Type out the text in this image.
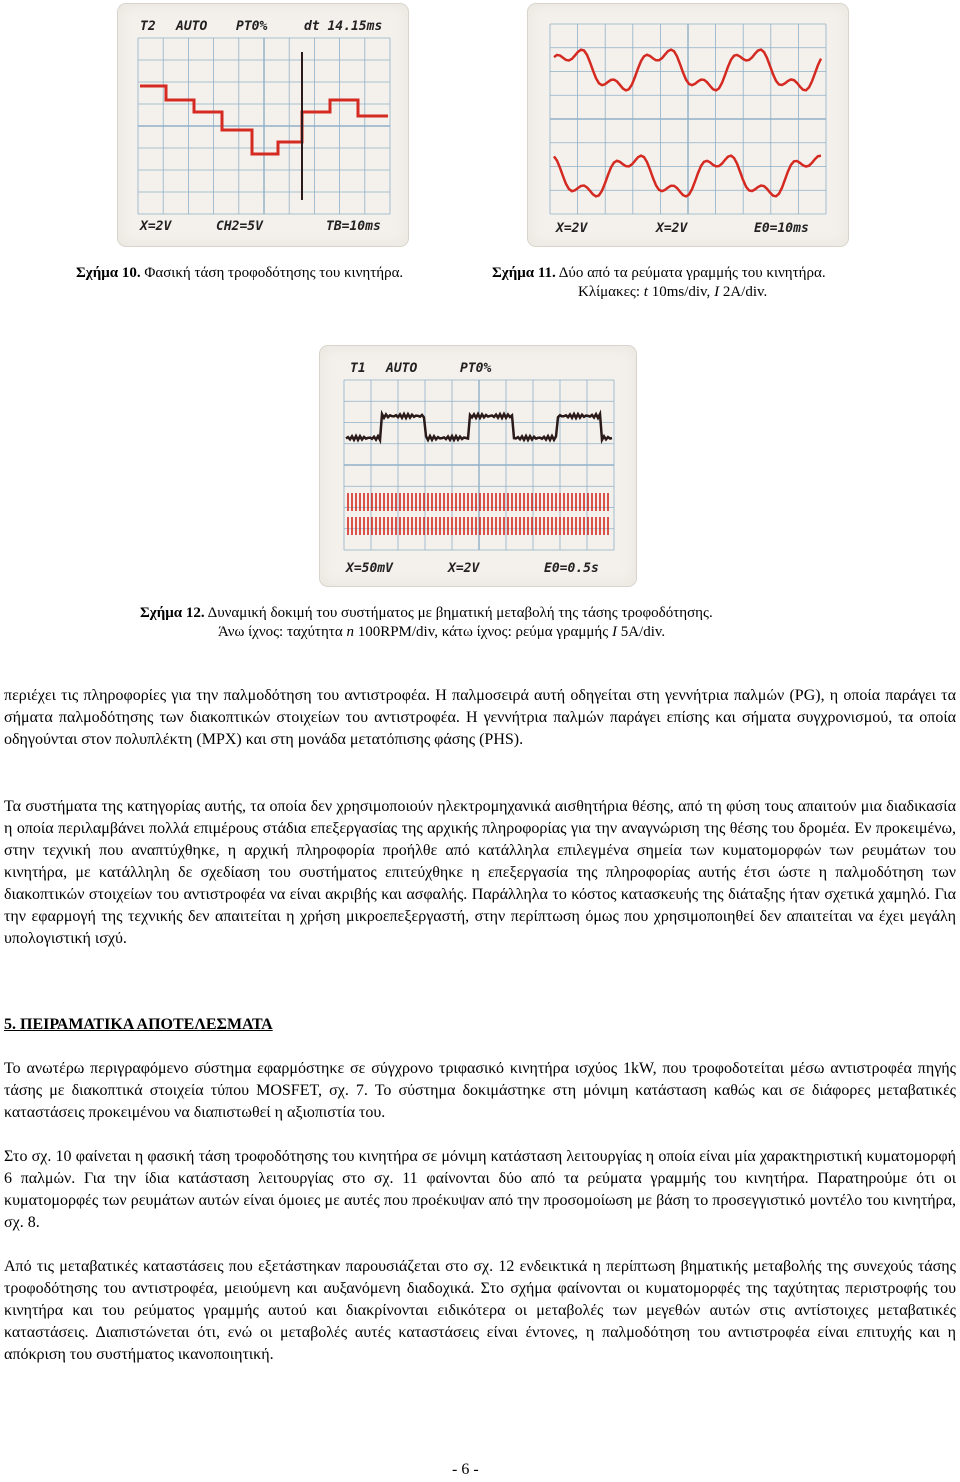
T2 AUTO PT0%	dt 14.15ms
X=2V	CH2=5V	TB=10ms	X=2V	X=2V	E0=10ms
Σχήμα 10. Φασική τάση τροφοδότησης του κινητήρα.	Σχήμα 11. Δύο από τα ρεύματα γραμμής του κινητήρα.
Κλίμακες: t 10ms/div, I 2A/div.
T1 AUTO	PT0%
X=50mV	X=2V	E0=0.5s
Σχήμα 12. Δυναμική δοκιμή του συστήματος με βηματική μεταβολή της τάσης τροφοδότησης.
Άνω ίχνος: ταχύτητα n 100RPM/div, κάτω ίχνος: ρεύμα γραμμής I 5A/div.
περιέχει τις πληροφορίες για την παλμοδότηση του αντιστροφέα. Η παλμοσειρά αυτή οδηγείται στη γεννήτρια παλμών (PG), η οποία παράγει τα σήματα παλμοδότησης των διακοπτικών στοιχείων του αντιστροφέα. Η γεννήτρια παλμών παράγει επίσης και σήματα συγχρονισμού, τα οποία οδηγούνται στον πολυπλέκτη (MPX) και στη μονάδα μετατόπισης φάσης (PHS).
Τα συστήματα της κατηγορίας αυτής, τα οποία δεν χρησιμοποιούν ηλεκτρομηχανικά αισθητήρια θέσης, από τη φύση τους απαιτούν μια διαδικασία η οποία περιλαμβάνει πολλά επιμέρους στάδια επεξεργασίας της αρχικής πληροφορίας για την αναγνώριση της θέσης του δρομέα. Εν προκειμένω, στην τεχνική που αναπτύχθηκε, η αρχική πληροφορία προήλθε από κατάλληλα επιλεγμένα σημεία των κυματομορφών των ρευμάτων του κινητήρα, με κατάλληλη δε σχεδίαση του συστήματος επιτεύχθηκε η επεξεργασία της πληροφορίας αυτής έτσι ώστε η παλμοδότηση των διακοπτικών στοιχείων του αντιστροφέα να είναι ακριβής και ασφαλής. Παράλληλα το κόστος κατασκευής της διάταξης ήταν σχετικά χαμηλό. Για την εφαρμογή της τεχνικής δεν απαιτείται η χρήση μικροεπεξεργαστή, στην περίπτωση όμως που χρησιμοποιηθεί δεν απαιτείται να έχει μεγάλη υπολογιστική ισχύ.
5. ΠΕΙΡΑΜΑΤΙΚΑ ΑΠΟΤΕΛΕΣΜΑΤΑ
Το ανωτέρω περιγραφόμενο σύστημα εφαρμόστηκε σε σύγχρονο τριφασικό κινητήρα ισχύος 1kW, που τροφοδοτείται μέσω αντιστροφέα πηγής τάσης με διακοπτικά στοιχεία τύπου MOSFET, σχ. 7. Το σύστημα δοκιμάστηκε στη μόνιμη κατάσταση καθώς και σε διάφορες μεταβατικές καταστάσεις προκειμένου να διαπιστωθεί η αξιοπιστία του.
Στο σχ. 10 φαίνεται η φασική τάση τροφοδότησης του κινητήρα σε μόνιμη κατάσταση λειτουργίας η οποία είναι μία χαρακτηριστική κυματομορφή 6 παλμών. Για την ίδια κατάσταση λειτουργίας στο σχ. 11 φαίνονται δύο από τα ρεύματα γραμμής του κινητήρα. Παρατηρούμε ότι οι κυματομορφές των ρευμάτων αυτών είναι όμοιες με αυτές που προέκυψαν από την προσομοίωση με βάση το προσεγγιστικό μοντέλο του κινητήρα, σχ. 8.
Από τις μεταβατικές καταστάσεις που εξετάστηκαν παρουσιάζεται στο σχ. 12 ενδεικτικά η περίπτωση βηματικής μεταβολής της συνεχούς τάσης τροφοδότησης του αντιστροφέα, μειούμενη και αυξανόμενη διαδοχικά. Στο σχήμα φαίνονται οι κυματομορφές της ταχύτητας περιστροφής του κινητήρα και του ρεύματος γραμμής αυτού και διακρίνονται ειδικότερα οι μεταβολές των μεγεθών αυτών στις αντίστοιχες μεταβατικές καταστάσεις. Διαπιστώνεται ότι, ενώ οι μεταβολές αυτές καταστάσεις είναι έντονες, η παλμοδότηση του αντιστροφέα είναι επιτυχής και η απόκριση του συστήματος ικανοποιητική.
- 6 -
